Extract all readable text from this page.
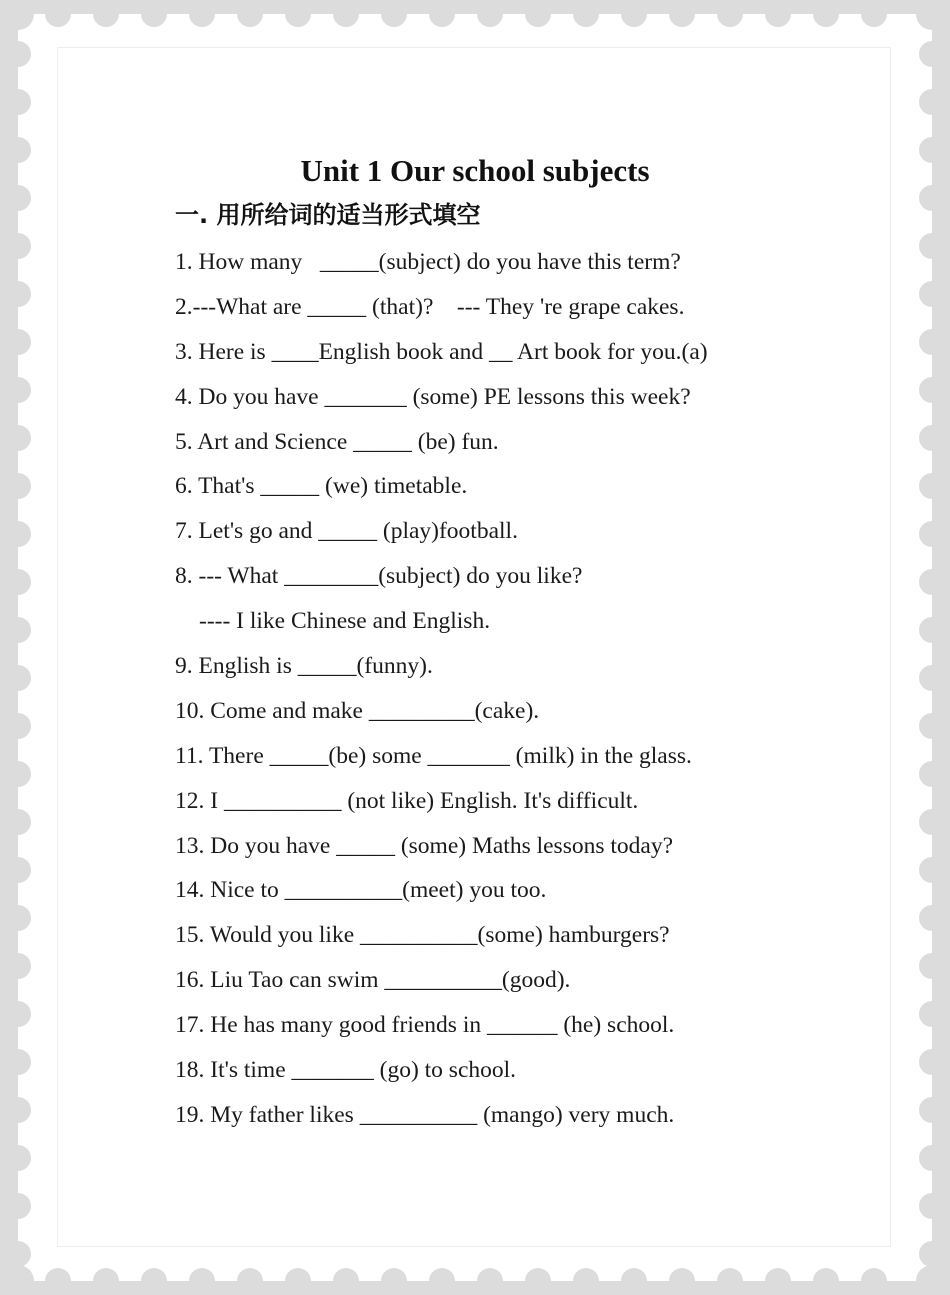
Unit 1 Our school subjects
一. 用所给词的适当形式填空
1. How many   _____(subject) do you have this term?
2.---What are _____ (that)?    --- They 're grape cakes.
3. Here is ____English book and __ Art book for you.(a)
4. Do you have _______ (some) PE lessons this week?
5. Art and Science _____ (be) fun.
6. That's _____ (we) timetable.
7. Let's go and _____ (play)football.
8. --- What ________(subject) do you like?
---- I like Chinese and English.
9. English is _____(funny).
10. Come and make _________(cake).
11. There _____(be) some _______ (milk) in the glass.
12. I __________ (not like) English. It's difficult.
13. Do you have _____ (some) Maths lessons today?
14. Nice to __________(meet) you too.
15. Would you like __________(some) hamburgers?
16. Liu Tao can swim __________(good).
17. He has many good friends in ______ (he) school.
18. It's time _______ (go) to school.
19. My father likes __________ (mango) very much.
